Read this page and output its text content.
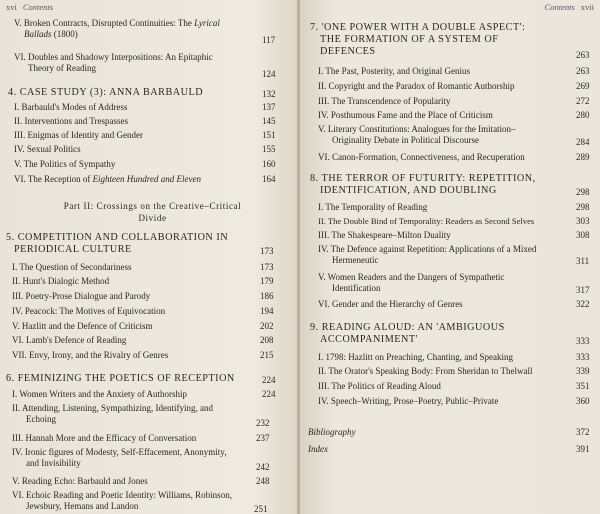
xvi Contents
V. Broken Contracts, Disrupted Continuities: The Lyrical
Ballads (1800)
117
VI. Doubles and Shadowy Interpositions: An Epitaphic
Theory of Reading
124
4. CASE STUDY (3): ANNA BARBAULD	132
I. Barbauld's Modes of Address	137
II. Interventions and Trespasses	145
III. Enigmas of Identity and Gender	151
IV. Sexual Politics	155
V. The Politics of Sympathy	160
VI. The Reception of Eighteen Hundred and Eleven	164
Part II: Crossings on the Creative–Critical
Divide
5. COMPETITION AND COLLABORATION IN
PERIODICAL CULTURE	173
I. The Question of Secondariness	173
II. Hunt's Dialogic Method	179
III. Poetry-Prose Dialogue and Parody	186
IV. Peacock: The Motives of Equivocation	194
V. Hazlitt and the Defence of Criticism	202
VI. Lamb's Defence of Reading	208
VII. Envy, Irony, and the Rivalry of Genres	215
6. FEMINIZING THE POETICS OF RECEPTION	224
I. Women Writers and the Anxiety of Authorship	224
II. Attending, Listening, Sympathizing, Identifying, and
Echoing	232
III. Hannah More and the Efficacy of Conversation	237
IV. Ironic figures of Modesty, Self-Effacement, Anonymity,
and Invisibility	242
V. Reading Echo: Barbauld and Jones	248
VI. Echoic Reading and Poetic Identity: Williams, Robinson,
Jewsbury, Hemans and Landon	251
Contents xvii
7. 'ONE POWER WITH A DOUBLE ASPECT':
THE FORMATION OF A SYSTEM OF
DEFENCES	263
I. The Past, Posterity, and Original Genius	263
II. Copyright and the Paradox of Romantic Authorship	269
III. The Transcendence of Popularity	272
IV. Posthumous Fame and the Place of Criticism	280
V. Literary Constitutions: Analogues for the Imitation–
Originality Debate in Political Discourse	284
VI. Canon-Formation, Connectiveness, and Recuperation	289
8. THE TERROR OF FUTURITY: REPETITION,
IDENTIFICATION, AND DOUBLING	298
I. The Temporality of Reading	298
II. The Double Bind of Temporality: Readers as Second Selves	303
III. The Shakespeare–Milton Duality	308
IV. The Defence against Repetition: Applications of a Mixed
Hermeneutic	311
V. Women Readers and the Dangers of Sympathetic
Identification	317
VI. Gender and the Hierarchy of Genres	322
9. READING ALOUD: AN 'AMBIGUOUS
ACCOMPANIMENT'	333
I. 1798: Hazlitt on Preaching, Chanting, and Speaking	333
II. The Orator's Speaking Body: From Sheridan to Thelwall	339
III. The Politics of Reading Aloud	351
IV. Speech–Writing, Prose–Poetry, Public–Private	360
Bibliography	372
Index	391
